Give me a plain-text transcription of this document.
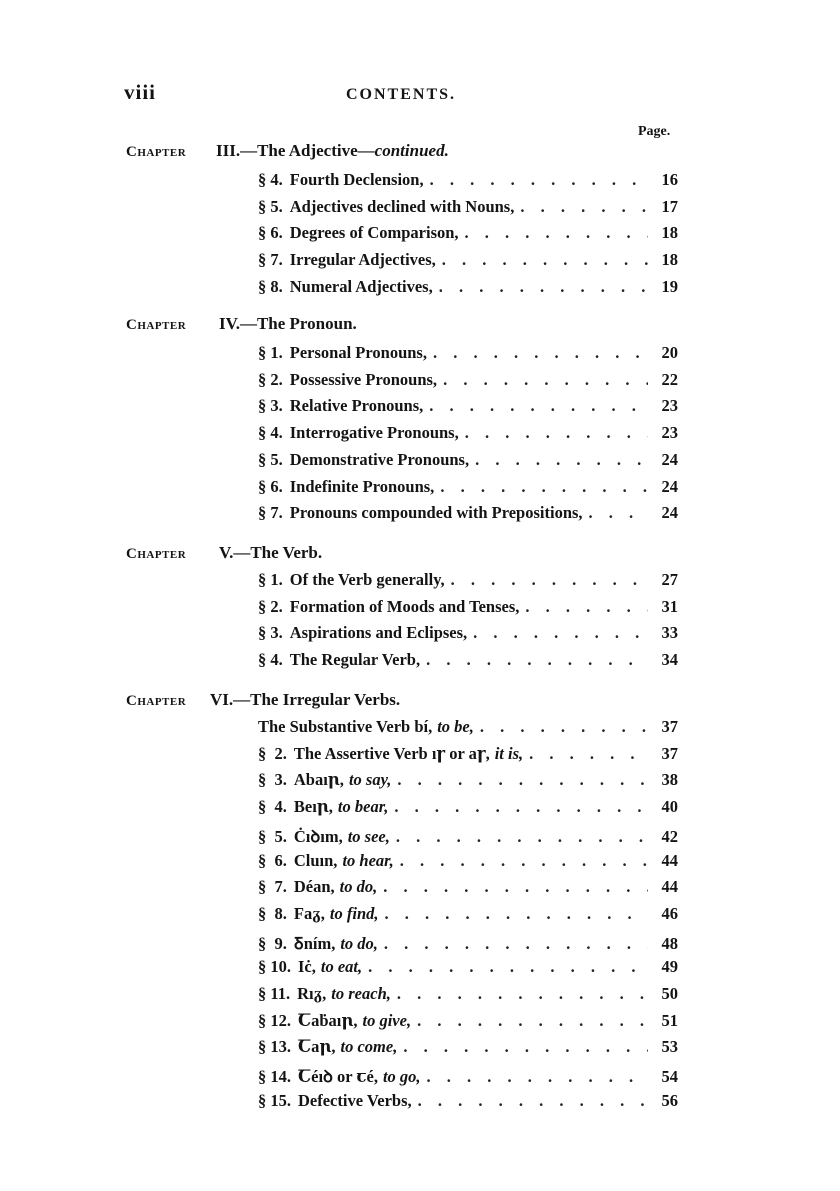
viii	CONTENTS.
Page.
Chapter III.—The Adjective—continued.
§ 4. Fourth Declension, . . .	16
§ 5. Adjectives declined with Nouns, . . .	17
§ 6. Degrees of Comparison, . . .	18
§ 7. Irregular Adjectives, . . .	18
§ 8. Numeral Adjectives, . . .	19
Chapter IV.—The Pronoun.
§ 1. Personal Pronouns, . . .	20
§ 2. Possessive Pronouns, . . .	22
§ 3. Relative Pronouns, . . .	23
§ 4. Interrogative Pronouns, . . .	23
§ 5. Demonstrative Pronouns, . . .	24
§ 6. Indefinite Pronouns, . . .	24
§ 7. Pronouns compounded with Prepositions, . . .	24
Chapter V.—The Verb.
§ 1. Of the Verb generally, . . .	27
§ 2. Formation of Moods and Tenses, . . .	31
§ 3. Aspirations and Eclipses, . . .	33
§ 4. The Regular Verb, . . .	34
Chapter VI.—The Irregular Verbs.
The Substantive Verb bí, to be, . . .	37
§  2. The Assertive Verb ıꞅ or aꞅ, it is, . . .	37
§  3. Abaıꞃ, to say, . . .	38
§  4. Beıꞃ, to bear, . . .	40
§  5. Ċıꝺım, to see, . . .	42
§  6. Cluın, to hear, . . .	44
§  7. Déan, to do, . . .	44
§  8. Faᵹ, to find, . . .	46
§  9. Ᵹním, to do, . . .	48
§ 10. Iċ, to eat, . . .	49
§ 11. Rıᵹ, to reach, . . .	50
§ 12. Ꞇaḃaıꞃ, to give, . . .	51
§ 13. Ꞇaꞃ, to come, . . .	53
§ 14. Ꞇéıꝺ or ꞇé, to go, . . .	54
§ 15. Defective Verbs, . . .	56
